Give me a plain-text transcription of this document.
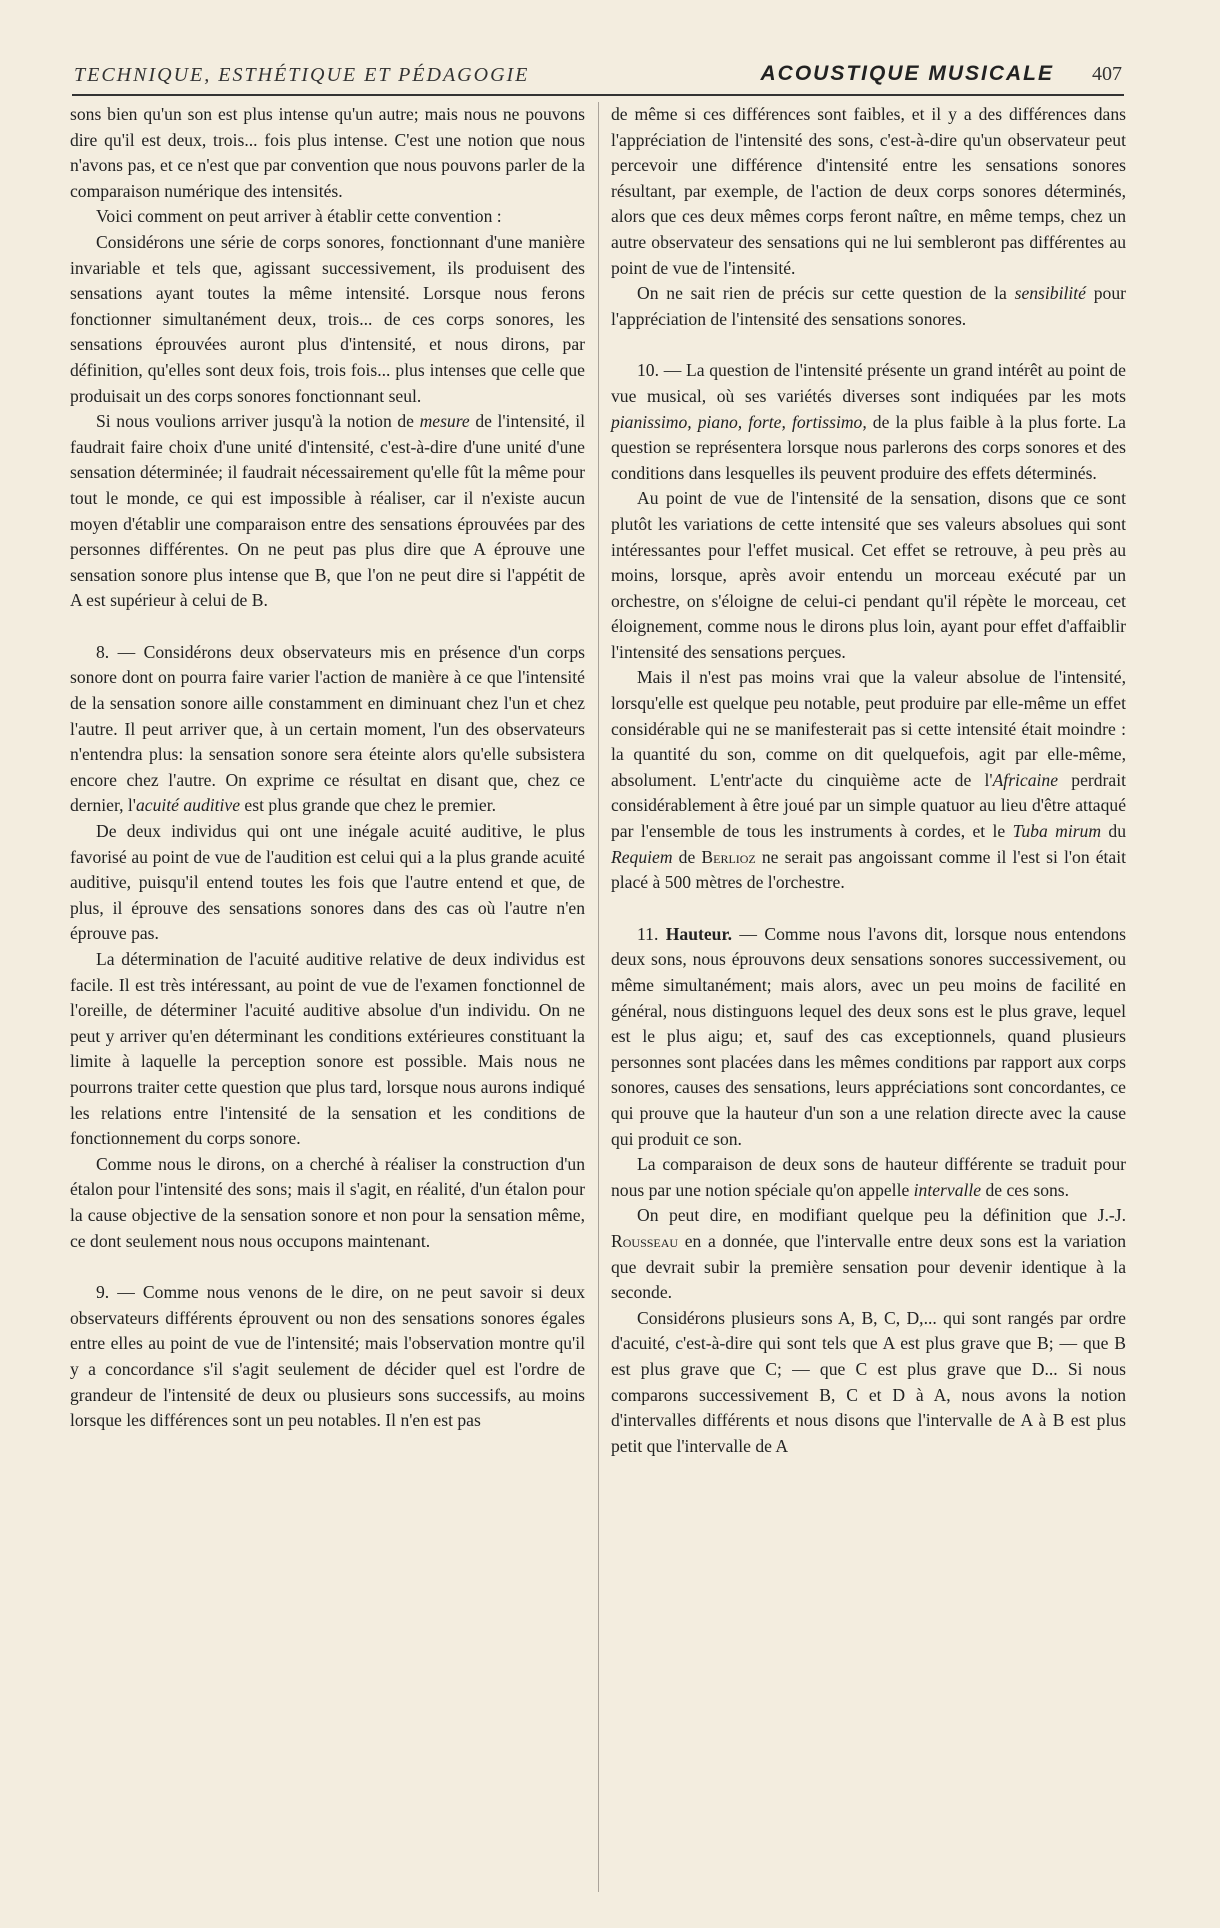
TECHNIQUE, ESTHÉTIQUE ET PÉDAGOGIE	ACOUSTIQUE MUSICALE 407

sons bien qu'un son est plus intense qu'un autre; mais nous ne pouvons dire qu'il est deux, trois... fois plus intense. C'est une notion que nous n'avons pas, et ce n'est que par convention que nous pouvons parler de la comparaison numérique des intensités.

Voici comment on peut arriver à établir cette convention :

Considérons une série de corps sonores, fonctionnant d'une manière invariable et tels que, agissant successivement, ils produisent des sensations ayant toutes la même intensité. Lorsque nous ferons fonctionner simultanément deux, trois... de ces corps sonores, les sensations éprouvées auront plus d'intensité, et nous dirons, par définition, qu'elles sont deux fois, trois fois... plus intenses que celle que produisait un des corps sonores fonctionnant seul.

Si nous voulions arriver jusqu'à la notion de mesure de l'intensité, il faudrait faire choix d'une unité d'intensité, c'est-à-dire d'une unité d'une sensation déterminée; il faudrait nécessairement qu'elle fût la même pour tout le monde, ce qui est impossible à réaliser, car il n'existe aucun moyen d'établir une comparaison entre des sensations éprouvées par des personnes différentes. On ne peut pas plus dire que A éprouve une sensation sonore plus intense que B, que l'on ne peut dire si l'appétit de A est supérieur à celui de B.

8. — Considérons deux observateurs mis en présence d'un corps sonore dont on pourra faire varier l'action de manière à ce que l'intensité de la sensation sonore aille constamment en diminuant chez l'un et chez l'autre. Il peut arriver que, à un certain moment, l'un des observateurs n'entendra plus: la sensation sonore sera éteinte alors qu'elle subsistera encore chez l'autre. On exprime ce résultat en disant que, chez ce dernier, l'acuité auditive est plus grande que chez le premier.

De deux individus qui ont une inégale acuité auditive, le plus favorisé au point de vue de l'audition est celui qui a la plus grande acuité auditive, puisqu'il entend toutes les fois que l'autre entend et que, de plus, il éprouve des sensations sonores dans des cas où l'autre n'en éprouve pas.

La détermination de l'acuité auditive relative de deux individus est facile. Il est très intéressant, au point de vue de l'examen fonctionnel de l'oreille, de déterminer l'acuité auditive absolue d'un individu. On ne peut y arriver qu'en déterminant les conditions extérieures constituant la limite à laquelle la perception sonore est possible. Mais nous ne pourrons traiter cette question que plus tard, lorsque nous aurons indiqué les relations entre l'intensité de la sensation et les conditions de fonctionnement du corps sonore.

Comme nous le dirons, on a cherché à réaliser la construction d'un étalon pour l'intensité des sons; mais il s'agit, en réalité, d'un étalon pour la cause objective de la sensation sonore et non pour la sensation même, ce dont seulement nous nous occupons maintenant.

9. — Comme nous venons de le dire, on ne peut savoir si deux observateurs différents éprouvent ou non des sensations sonores égales entre elles au point de vue de l'intensité; mais l'observation montre qu'il y a concordance s'il s'agit seulement de décider quel est l'ordre de grandeur de l'intensité de deux ou plusieurs sons successifs, au moins lorsque les différences sont un peu notables. Il n'en est pas

de même si ces différences sont faibles, et il y a des différences dans l'appréciation de l'intensité des sons, c'est-à-dire qu'un observateur peut percevoir une différence d'intensité entre les sensations sonores résultant, par exemple, de l'action de deux corps sonores déterminés, alors que ces deux mêmes corps feront naître, en même temps, chez un autre observateur des sensations qui ne lui sembleront pas différentes au point de vue de l'intensité.

On ne sait rien de précis sur cette question de la sensibilité pour l'appréciation de l'intensité des sensations sonores.

10. — La question de l'intensité présente un grand intérêt au point de vue musical, où ses variétés diverses sont indiquées par les mots pianissimo, piano, forte, fortissimo, de la plus faible à la plus forte. La question se représentera lorsque nous parlerons des corps sonores et des conditions dans lesquelles ils peuvent produire des effets déterminés.

Au point de vue de l'intensité de la sensation, disons que ce sont plutôt les variations de cette intensité que ses valeurs absolues qui sont intéressantes pour l'effet musical. Cet effet se retrouve, à peu près au moins, lorsque, après avoir entendu un morceau exécuté par un orchestre, on s'éloigne de celui-ci pendant qu'il répète le morceau, cet éloignement, comme nous le dirons plus loin, ayant pour effet d'affaiblir l'intensité des sensations perçues.

Mais il n'est pas moins vrai que la valeur absolue de l'intensité, lorsqu'elle est quelque peu notable, peut produire par elle-même un effet considérable qui ne se manifesterait pas si cette intensité était moindre : la quantité du son, comme on dit quelquefois, agit par elle-même, absolument. L'entr'acte du cinquième acte de l'Africaine perdrait considérablement à être joué par un simple quatuor au lieu d'être attaqué par l'ensemble de tous les instruments à cordes, et le Tuba mirum du Requiem de Berlioz ne serait pas angoissant comme il l'est si l'on était placé à 500 mètres de l'orchestre.

11. Hauteur. — Comme nous l'avons dit, lorsque nous entendons deux sons, nous éprouvons deux sensations sonores successivement, ou même simultanément; mais alors, avec un peu moins de facilité en général, nous distinguons lequel des deux sons est le plus grave, lequel est le plus aigu; et, sauf des cas exceptionnels, quand plusieurs personnes sont placées dans les mêmes conditions par rapport aux corps sonores, causes des sensations, leurs appréciations sont concordantes, ce qui prouve que la hauteur d'un son a une relation directe avec la cause qui produit ce son.

La comparaison de deux sons de hauteur différente se traduit pour nous par une notion spéciale qu'on appelle intervalle de ces sons.

On peut dire, en modifiant quelque peu la définition que J.-J. Rousseau en a donnée, que l'intervalle entre deux sons est la variation que devrait subir la première sensation pour devenir identique à la seconde.

Considérons plusieurs sons A, B, C, D,... qui sont rangés par ordre d'acuité, c'est-à-dire qui sont tels que A est plus grave que B; — que B est plus grave que C; — que C est plus grave que D... Si nous comparons successivement B, C et D à A, nous avons la notion d'intervalles différents et nous disons que l'intervalle de A à B est plus petit que l'intervalle de A
